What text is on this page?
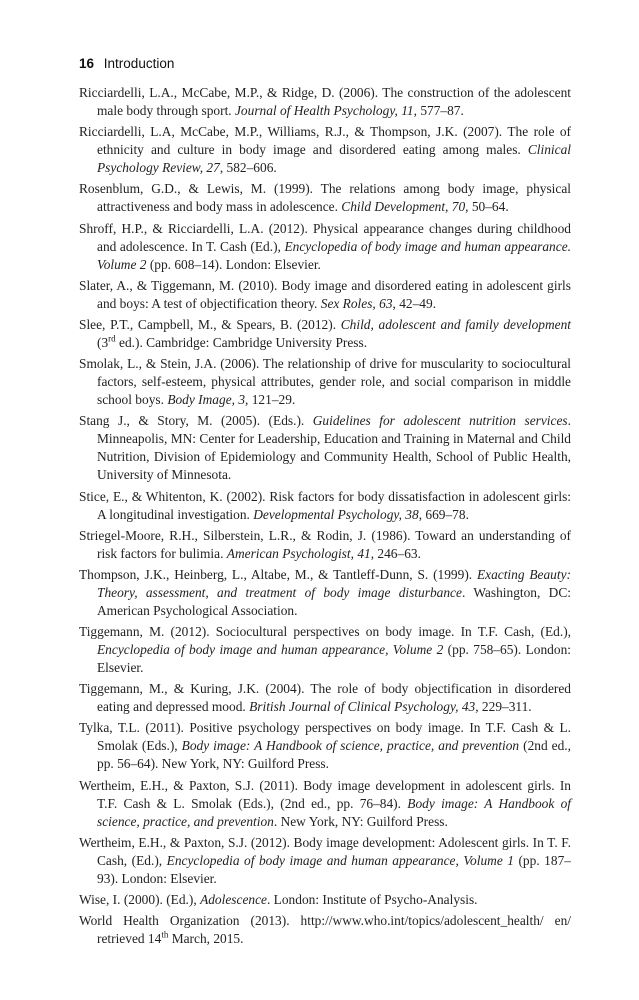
16 Introduction

Ricciardelli, L.A., McCabe, M.P., & Ridge, D. (2006). The construction of the adolescent male body through sport. Journal of Health Psychology, 11, 577–87.

Ricciardelli, L.A, McCabe, M.P., Williams, R.J., & Thompson, J.K. (2007). The role of ethnicity and culture in body image and disordered eating among males. Clinical Psychology Review, 27, 582–606.

Rosenblum, G.D., & Lewis, M. (1999). The relations among body image, physical attractiveness and body mass in adolescence. Child Development, 70, 50–64.

Shroff, H.P., & Ricciardelli, L.A. (2012). Physical appearance changes during childhood and adolescence. In T. Cash (Ed.), Encyclopedia of body image and human appearance. Volume 2 (pp. 608–14). London: Elsevier.

Slater, A., & Tiggemann, M. (2010). Body image and disordered eating in adolescent girls and boys: A test of objectification theory. Sex Roles, 63, 42–49.

Slee, P.T., Campbell, M., & Spears, B. (2012). Child, adolescent and family development (3rd ed.). Cambridge: Cambridge University Press.

Smolak, L., & Stein, J.A. (2006). The relationship of drive for muscularity to sociocultural factors, self-esteem, physical attributes, gender role, and social comparison in middle school boys. Body Image, 3, 121–29.

Stang J., & Story, M. (2005). (Eds.). Guidelines for adolescent nutrition services. Minneapolis, MN: Center for Leadership, Education and Training in Maternal and Child Nutrition, Division of Epidemiology and Community Health, School of Public Health, University of Minnesota.

Stice, E., & Whitenton, K. (2002). Risk factors for body dissatisfaction in adolescent girls: A longitudinal investigation. Developmental Psychology, 38, 669–78.

Striegel-Moore, R.H., Silberstein, L.R., & Rodin, J. (1986). Toward an understanding of risk factors for bulimia. American Psychologist, 41, 246–63.

Thompson, J.K., Heinberg, L., Altabe, M., & Tantleff-Dunn, S. (1999). Exacting Beauty: Theory, assessment, and treatment of body image disturbance. Washington, DC: American Psychological Association.

Tiggemann, M. (2012). Sociocultural perspectives on body image. In T.F. Cash, (Ed.), Encyclopedia of body image and human appearance, Volume 2 (pp. 758–65). London: Elsevier.

Tiggemann, M., & Kuring, J.K. (2004). The role of body objectification in disordered eating and depressed mood. British Journal of Clinical Psychology, 43, 229–311.

Tylka, T.L. (2011). Positive psychology perspectives on body image. In T.F. Cash & L. Smolak (Eds.), Body image: A Handbook of science, practice, and prevention (2nd ed., pp. 56–64). New York, NY: Guilford Press.

Wertheim, E.H., & Paxton, S.J. (2011). Body image development in adolescent girls. In T.F. Cash & L. Smolak (Eds.), (2nd ed., pp. 76–84). Body image: A Handbook of science, practice, and prevention. New York, NY: Guilford Press.

Wertheim, E.H., & Paxton, S.J. (2012). Body image development: Adolescent girls. In T. F. Cash, (Ed.), Encyclopedia of body image and human appearance, Volume 1 (pp. 187–93). London: Elsevier.

Wise, I. (2000). (Ed.), Adolescence. London: Institute of Psycho-Analysis.

World Health Organization (2013). http://www.who.int/topics/adolescent_health/ en/ retrieved 14th March, 2015.
